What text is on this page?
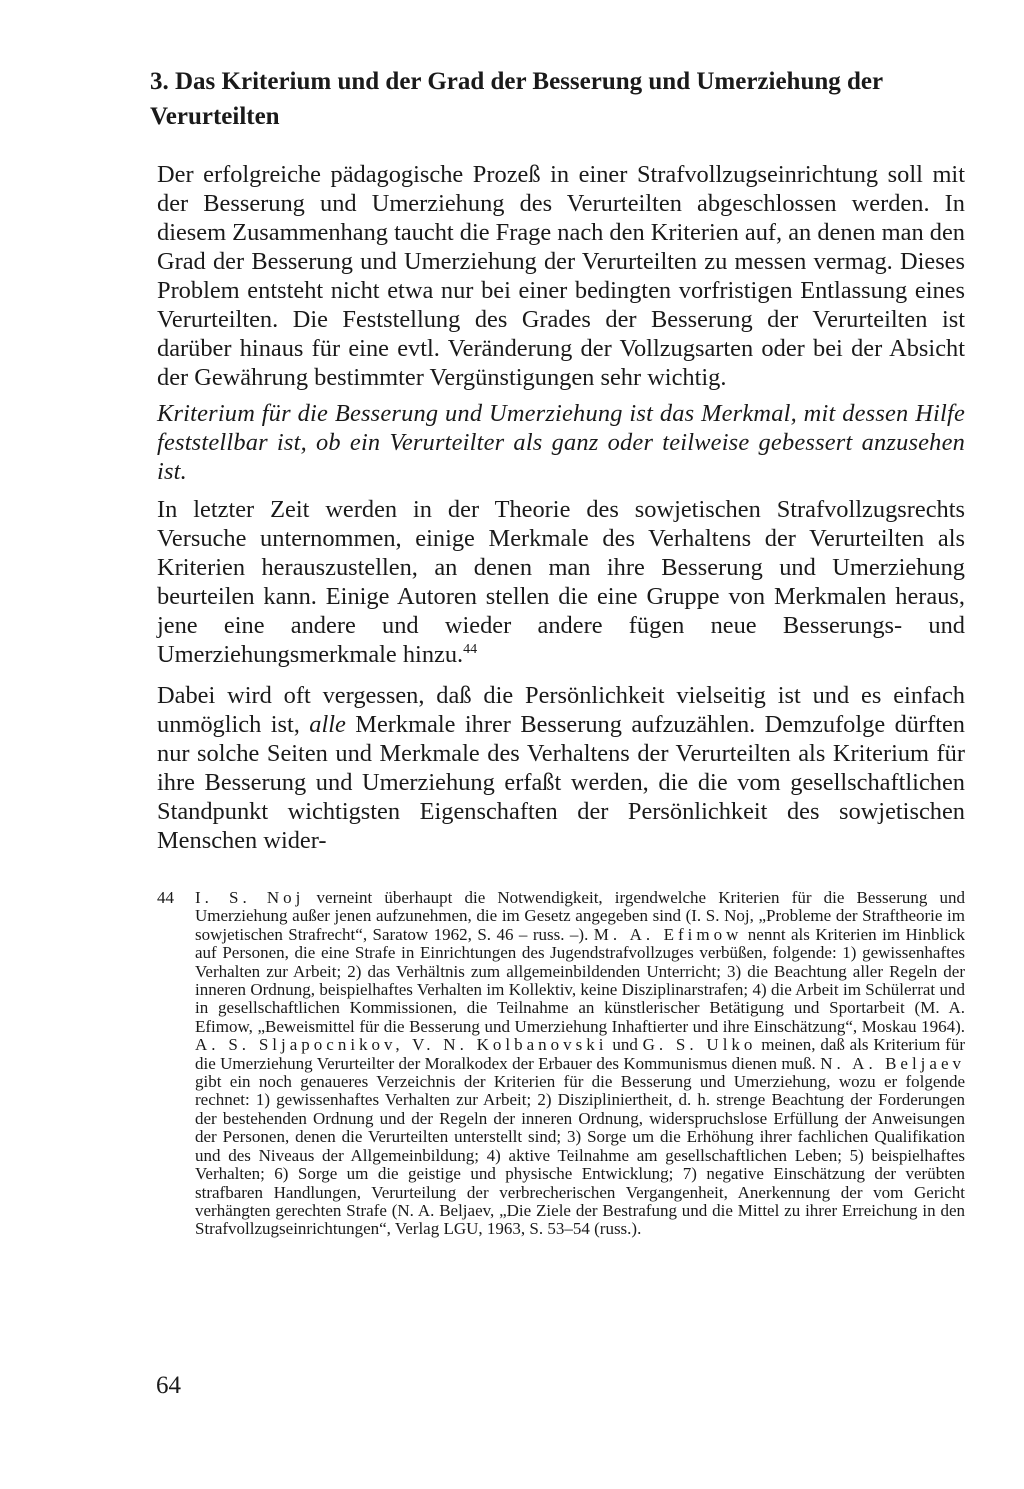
3. Das Kriterium und der Grad der Besserung und Umerziehung der Verurteilten

Der erfolgreiche pädagogische Prozeß in einer Strafvollzugseinrichtung soll mit der Besserung und Umerziehung des Verurteilten abgeschlossen werden. In diesem Zusammenhang taucht die Frage nach den Kriterien auf, an denen man den Grad der Besserung und Umerziehung der Verurteilten zu messen vermag. Dieses Problem entsteht nicht etwa nur bei einer bedingten vorfristigen Entlassung eines Verurteilten. Die Feststellung des Grades der Besserung der Verurteilten ist darüber hinaus für eine evtl. Veränderung der Vollzugsarten oder bei der Absicht der Gewährung bestimmter Vergünstigungen sehr wichtig.

Kriterium für die Besserung und Umerziehung ist das Merkmal, mit dessen Hilfe feststellbar ist, ob ein Verurteilter als ganz oder teilweise gebessert anzusehen ist.

In letzter Zeit werden in der Theorie des sowjetischen Strafvollzugsrechts Versuche unternommen, einige Merkmale des Verhaltens der Verurteilten als Kriterien herauszustellen, an denen man ihre Besserung und Umerziehung beurteilen kann. Einige Autoren stellen die eine Gruppe von Merkmalen heraus, jene eine andere und wieder andere fügen neue Besserungs- und Umerziehungsmerkmale hinzu.$^{44}$

Dabei wird oft vergessen, daß die Persönlichkeit vielseitig ist und es einfach unmöglich ist, alle Merkmale ihrer Besserung aufzuzählen. Demzufolge dürften nur solche Seiten und Merkmale des Verhaltens der Verurteilten als Kriterium für ihre Besserung und Umerziehung erfaßt werden, die die vom gesellschaftlichen Standpunkt wichtigsten Eigenschaften der Persönlichkeit des sowjetischen Menschen wider-

44 I. S. Noj verneint überhaupt die Notwendigkeit, irgendwelche Kriterien für die Besserung und Umerziehung außer jenen aufzunehmen, die im Gesetz angegeben sind (I. S. Noj, „Probleme der Straftheorie im sowjetischen Strafrecht“, Saratow 1962, S. 46 – russ. –). M. A. Efimow nennt als Kriterien im Hinblick auf Personen, die eine Strafe in Einrichtungen des Jugendstrafvollzuges verbüßen, folgende: 1) gewissenhaftes Verhalten zur Arbeit; 2) das Verhältnis zum allgemeinbildenden Unterricht; 3) die Beachtung aller Regeln der inneren Ordnung, beispielhaftes Verhalten im Kollektiv, keine Disziplinarstrafen; 4) die Arbeit im Schülerrat und in gesellschaftlichen Kommissionen, die Teilnahme an künstlerischer Betätigung und Sportarbeit (M. A. Efimow, „Beweismittel für die Besserung und Umerziehung Inhaftierter und ihre Einschätzung“, Moskau 1964). A. S. Sljapocnikov, V. N. Kolbanovski und G. S. Ulko meinen, daß als Kriterium für die Umerziehung Verurteilter der Moralkodex der Erbauer des Kommunismus dienen muß. N. A. Beljaev gibt ein noch genaueres Verzeichnis der Kriterien für die Besserung und Umerziehung, wozu er folgende rechnet: 1) gewissenhaftes Verhalten zur Arbeit; 2) Diszipliniertheit, d. h. strenge Beachtung der Forderungen der bestehenden Ordnung und der Regeln der inneren Ordnung, widerspruchslose Erfüllung der Anweisungen der Personen, denen die Verurteilten unterstellt sind; 3) Sorge um die Erhöhung ihrer fachlichen Qualifikation und des Niveaus der Allgemeinbildung; 4) aktive Teilnahme am gesellschaftlichen Leben; 5) beispielhaftes Verhalten; 6) Sorge um die geistige und physische Entwicklung; 7) negative Einschätzung der verübten strafbaren Handlungen, Verurteilung der verbrecherischen Vergangenheit, Anerkennung der vom Gericht verhängten gerechten Strafe (N. A. Beljaev, „Die Ziele der Bestrafung und die Mittel zu ihrer Erreichung in den Strafvollzugseinrichtungen“, Verlag LGU, 1963, S. 53–54 (russ.).
64
